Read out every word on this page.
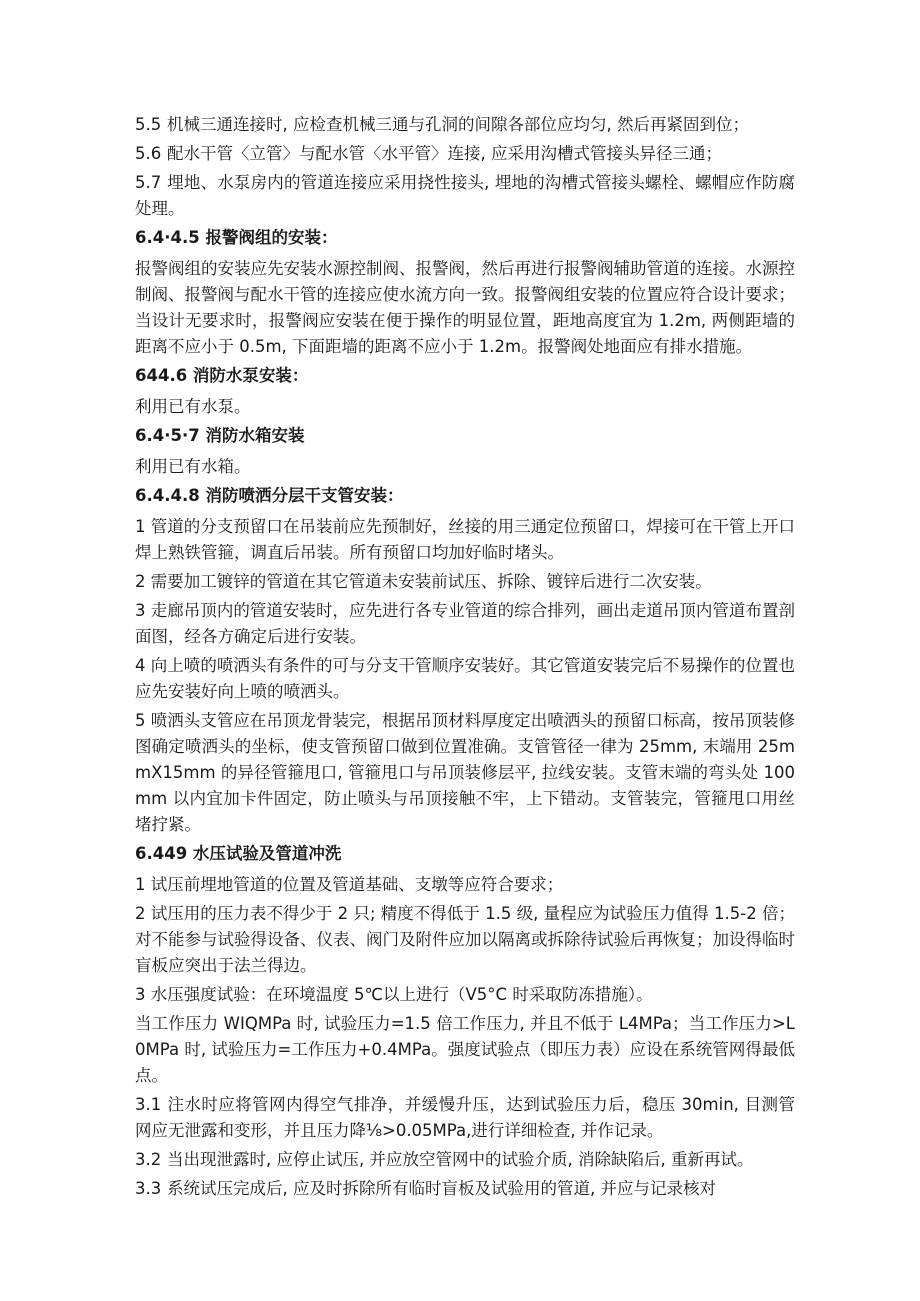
5.5 机械三通连接时, 应检查机械三通与孔洞的间隙各部位应均匀, 然后再紧固到位；

5.6 配水干管〈立管〉与配水管〈水平管〉连接, 应采用沟槽式管接头异径三通；

5.7 埋地、水泵房内的管道连接应采用挠性接头, 埋地的沟槽式管接头螺栓、螺帽应作防腐处理。

6.4·4.5 报警阀组的安装：

报警阀组的安装应先安装水源控制阀、报警阀，然后再进行报警阀辅助管道的连接。水源控制阀、报警阀与配水干管的连接应使水流方向一致。报警阀组安装的位置应符合设计要求；当设计无要求时，报警阀应安装在便于操作的明显位置，距地高度宜为 1.2m, 两侧距墙的距离不应小于 0.5m, 下面距墙的距离不应小于 1.2m。报警阀处地面应有排水措施。

644.6 消防水泵安装：

利用已有水泵。

6.4·5·7 消防水箱安装

利用已有水箱。

6.4.4.8 消防喷洒分层干支管安装：

1 管道的分支预留口在吊装前应先预制好，丝接的用三通定位预留口，焊接可在干管上开口焊上熟铁管箍，调直后吊装。所有预留口均加好临时堵头。

2 需要加工镀锌的管道在其它管道未安装前试压、拆除、镀锌后进行二次安装。

3 走廊吊顶内的管道安装时，应先进行各专业管道的综合排列，画出走道吊顶内管道布置剖面图，经各方确定后进行安装。

4 向上喷的喷洒头有条件的可与分支干管顺序安装好。其它管道安装完后不易操作的位置也应先安装好向上喷的喷洒头。

5 喷洒头支管应在吊顶龙骨装完，根据吊顶材料厚度定出喷洒头的预留口标高，按吊顶装修图确定喷洒头的坐标，使支管预留口做到位置准确。支管管径一律为 25mm, 末端用 25mmX15mm 的异径管箍甩口, 管箍甩口与吊顶装修层平, 拉线安装。支管末端的弯头处 100mm 以内宜加卡件固定，防止喷头与吊顶接触不牢，上下错动。支管装完，管箍甩口用丝堵拧紧。

6.449 水压试验及管道冲洗

1 试压前埋地管道的位置及管道基础、支墩等应符合要求；

2 试压用的压力表不得少于 2 只; 精度不得低于 1.5 级, 量程应为试验压力值得 1.5-2 倍；对不能参与试验得设备、仪表、阀门及附件应加以隔离或拆除待试验后再恢复；加设得临时盲板应突出于法兰得边。

3 水压强度试验：在环境温度 5℃以上进行（V5°C 时采取防冻措施）。

当工作压力 WIQMPa 时, 试验压力=1.5 倍工作压力, 并且不低于 L4MPa；当工作压力>L0MPa 时, 试验压力=工作压力+0.4MPa。强度试验点（即压力表）应设在系统管网得最低点。

3.1 注水时应将管网内得空气排净，并缓慢升压，达到试验压力后，稳压 30min, 目测管网应无泄露和变形，并且压力降⅛>0.05MPa,进行详细检查, 并作记录。

3.2 当出现泄露时, 应停止试压, 并应放空管网中的试验介质, 消除缺陷后, 重新再试。

3.3 系统试压完成后, 应及时拆除所有临时盲板及试验用的管道, 并应与记录核对
